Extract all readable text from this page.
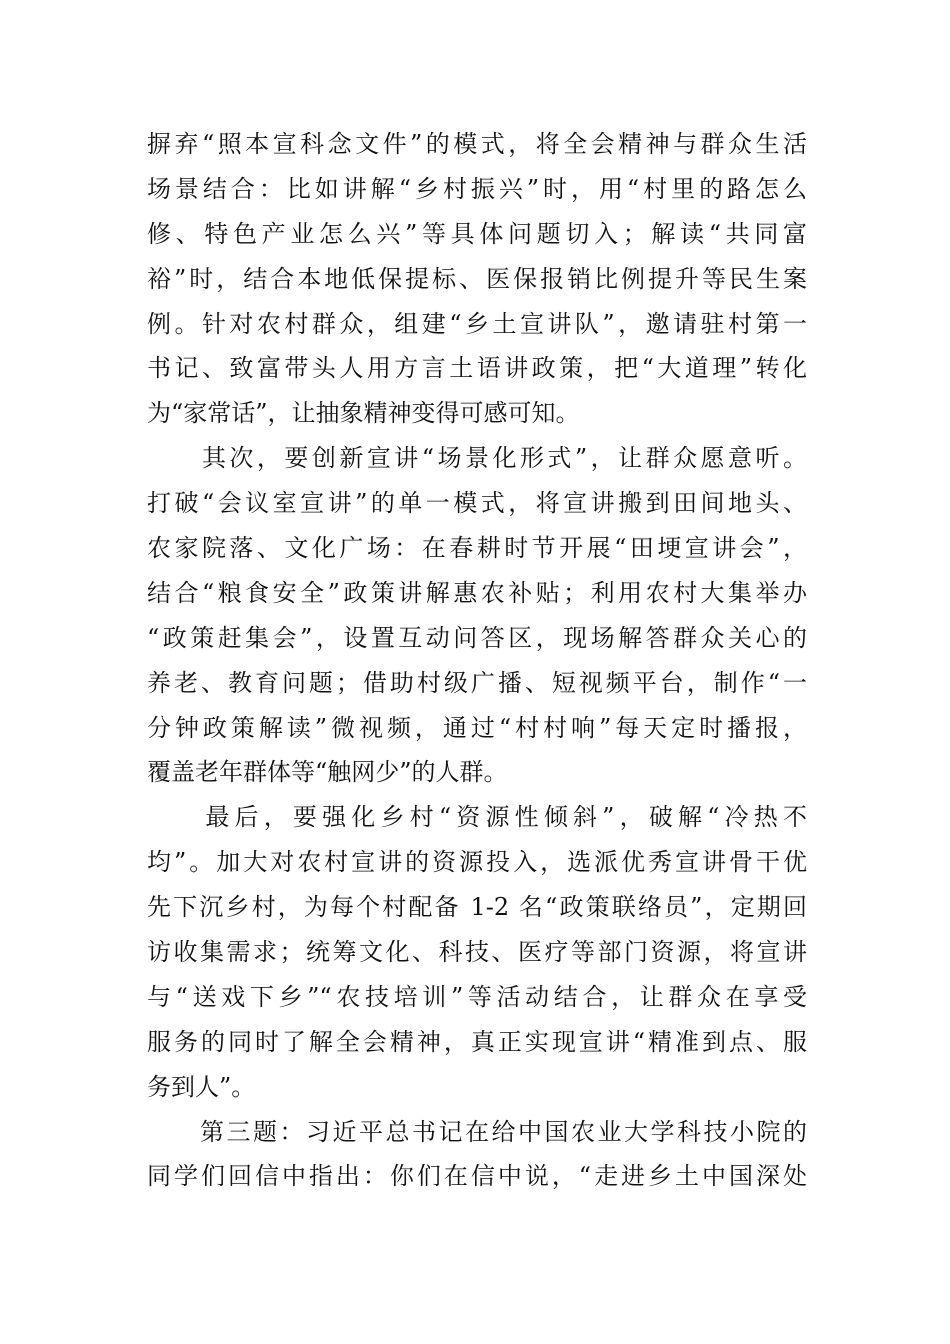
摒弃“照本宣科念文件”的模式，将全会精神与群众生活
场景结合：比如讲解“乡村振兴”时，用“村里的路怎么
修、特色产业怎么兴”等具体问题切入；解读“共同富
裕”时，结合本地低保提标、医保报销比例提升等民生案
例。针对农村群众，组建“乡土宣讲队”，邀请驻村第一
书记、致富带头人用方言土语讲政策，把“大道理”转化
为“家常话”，让抽象精神变得可感可知。
　　其次，要创新宣讲“场景化形式”，让群众愿意听。
打破“会议室宣讲”的单一模式，将宣讲搬到田间地头、
农家院落、文化广场：在春耕时节开展“田埂宣讲会”，
结合“粮食安全”政策讲解惠农补贴；利用农村大集举办
“政策赶集会”，设置互动问答区，现场解答群众关心的
养老、教育问题；借助村级广播、短视频平台，制作“一
分钟政策解读”微视频，通过“村村响”每天定时播报，
覆盖老年群体等“触网少”的人群。
　　最后，要强化乡村“资源性倾斜”，破解“冷热不
均”。加大对农村宣讲的资源投入，选派优秀宣讲骨干优
先下沉乡村，为每个村配备 1-2 名“政策联络员”，定期回
访收集需求；统筹文化、科技、医疗等部门资源，将宣讲
与“送戏下乡”“农技培训”等活动结合，让群众在享受
服务的同时了解全会精神，真正实现宣讲“精准到点、服
务到人”。
　　第三题：习近平总书记在给中国农业大学科技小院的
同学们回信中指出：你们在信中说，“走进乡土中国深处
